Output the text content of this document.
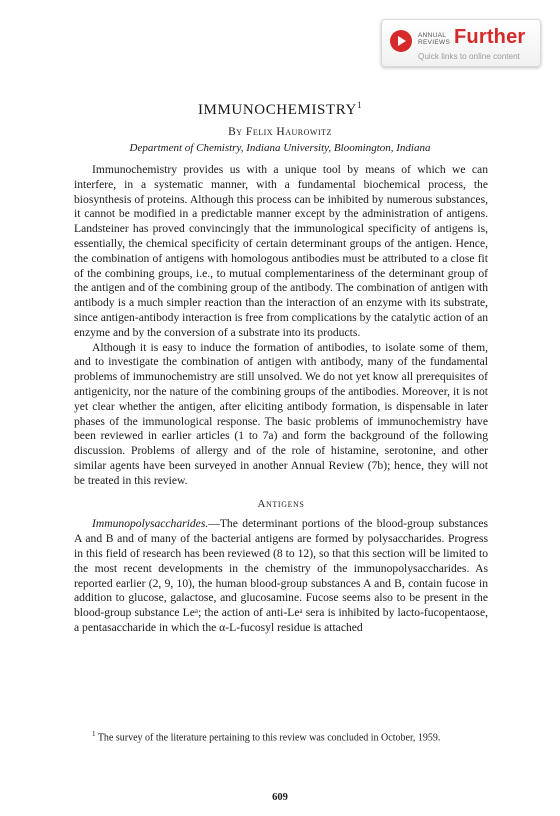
ANNUAL
REVIEWS Further
Quick links to online content
IMMUNOCHEMISTRY$^1$
By Felix Haurowitz
Department of Chemistry, Indiana University, Bloomington, Indiana

Immunochemistry provides us with a unique tool by means of which we can interfere, in a systematic manner, with a fundamental biochemical process, the biosynthesis of proteins. Although this process can be inhibited by numerous substances, it cannot be modified in a predictable manner except by the administration of antigens. Landsteiner has proved convincingly that the immunological specificity of antigens is, essentially, the chemical specificity of certain determinant groups of the antigen. Hence, the combination of antigens with homologous antibodies must be attributed to a close fit of the combining groups, i.e., to mutual complementariness of the determinant group of the antigen and of the combining group of the antibody. The combination of antigen with antibody is a much simpler reaction than the interaction of an enzyme with its substrate, since antigen-antibody interaction is free from complications by the catalytic action of an enzyme and by the conversion of a substrate into its products.

Although it is easy to induce the formation of antibodies, to isolate some of them, and to investigate the combination of antigen with antibody, many of the fundamental problems of immunochemistry are still unsolved. We do not yet know all prerequisites of antigenicity, nor the nature of the combining groups of the antibodies. Moreover, it is not yet clear whether the antigen, after eliciting antibody formation, is dispensable in later phases of the immunological response. The basic problems of immunochemistry have been reviewed in earlier articles (1 to 7a) and form the background of the following discussion. Problems of allergy and of the role of histamine, serotonine, and other similar agents have been surveyed in another Annual Review (7b); hence, they will not be treated in this review.

Antigens

Immunopolysaccharides.—The determinant portions of the blood-group substances A and B and of many of the bacterial antigens are formed by polysaccharides. Progress in this field of research has been reviewed (8 to 12), so that this section will be limited to the most recent developments in the chemistry of the immunopolysaccharides. As reported earlier (2, 9, 10), the human blood-group substances A and B, contain fucose in addition to glucose, galactose, and glucosamine. Fucose seems also to be present in the blood-group substance Leᵃ; the action of anti-Leᵃ sera is inhibited by lacto-fucopentaose, a pentasaccharide in which the α-L-fucosyl residue is attached

$^1$ The survey of the literature pertaining to this review was concluded in October, 1959.

609
